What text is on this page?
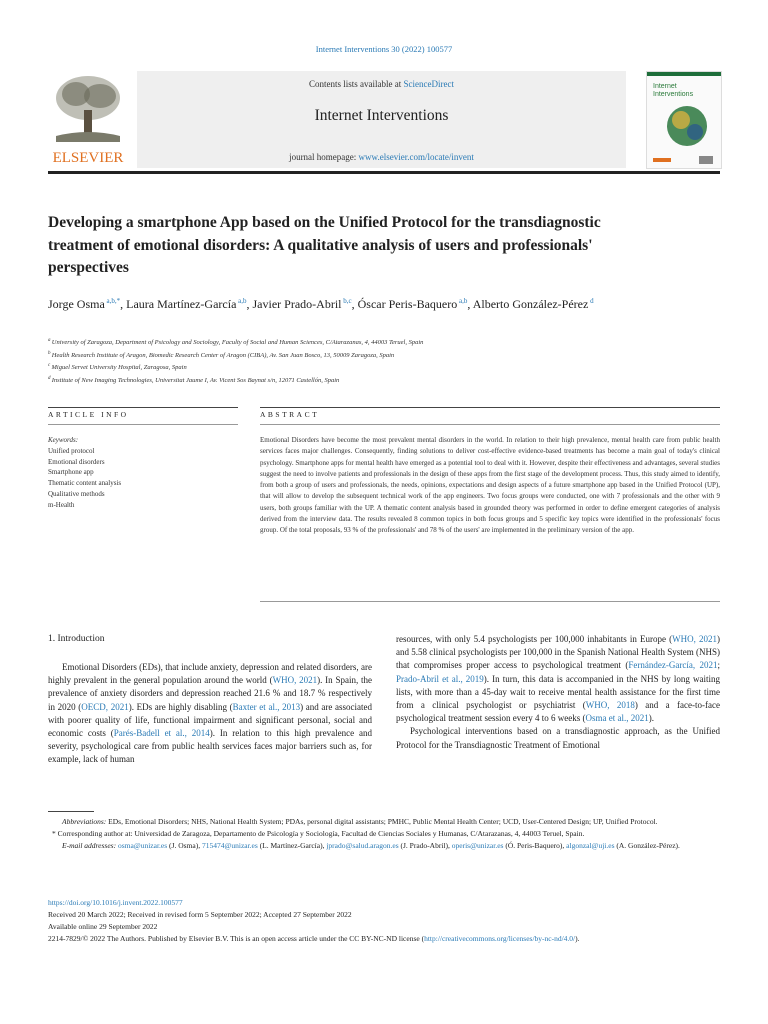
Internet Interventions 30 (2022) 100577
ELSEVIER
Contents lists available at ScienceDirect
Internet Interventions
journal homepage: www.elsevier.com/locate/invent
Internet
Interventions
Developing a smartphone App based on the Unified Protocol for the transdiagnostic treatment of emotional disorders: A qualitative analysis of users and professionals' perspectives
Jorge Osma $^{a,b,*}$, Laura Martínez-García $^{a,b}$, Javier Prado-Abril $^{b,c}$, Óscar Peris-Baquero $^{a,b}$, Alberto González-Pérez $^d$
$^a$ University of Zaragoza, Department of Psicology and Sociology, Faculty of Social and Human Sciences, C/Atarazanas, 4, 44003 Teruel, Spain
$^b$ Health Research Institute of Aragon, Biomedic Research Center of Aragon (CIBA), Av. San Juan Bosco, 13, 50009 Zaragoza, Spain
$^c$ Miguel Servet University Hospital, Zaragosa, Spain
$^d$ Institute of New Imaging Technologies, Universitat Jaume I, Av. Vicent Sos Baynat s/n, 12071 Castellón, Spain
ARTICLE INFO
Keywords:
Unified protocol
Emotional disorders
Smartphone app
Thematic content analysis
Qualitative methods
m-Health
ABSTRACT
Emotional Disorders have become the most prevalent mental disorders in the world. In relation to their high prevalence, mental health care from public health services faces major challenges. Consequently, finding solutions to deliver cost-effective evidence-based treatments has become a main goal of today's clinical psychology. Smartphone apps for mental health have emerged as a potential tool to deal with it. However, despite their effectiveness and advantages, several studies suggest the need to involve patients and professionals in the design of these apps from the first stage of the development process. Thus, this study aimed to identify, from both a group of users and professionals, the needs, opinions, expectations and design aspects of a future smartphone app based in the Unified Protocol (UP), that will allow to develop the subsequent technical work of the app engineers. Two focus groups were conducted, one with 7 professionals and the other with 9 users, both groups familiar with the UP. A thematic content analysis based in grounded theory was performed in order to define emergent categories of analysis derived from the interview data. The results revealed 8 common topics in both focus groups and 5 specific key topics were identified in the professionals' focus group. Of the total proposals, 93 % of the professionals' and 78 % of the users' are implemented in the preliminary version of the app.
1. Introduction

Emotional Disorders (EDs), that include anxiety, depression and related disorders, are highly prevalent in the general population around the world (WHO, 2021). In Spain, the prevalence of anxiety disorders and depression reached 21.6 % and 18.7 % respectively in 2020 (OECD, 2021). EDs are highly disabling (Baxter et al., 2013) and are associated with poorer quality of life, functional impairment and significant personal, social and economic costs (Parés-Badell et al., 2014). In relation to this high prevalence and severity, psychological care from public health services faces major barriers such as, for example, lack of human

resources, with only 5.4 psychologists per 100,000 inhabitants in Europe (WHO, 2021) and 5.58 clinical psychologists per 100,000 in the Spanish National Health System (NHS) that compromises proper access to psychological treatment (Fernández-García, 2021; Prado-Abril et al., 2019). In turn, this data is accompanied in the NHS by long waiting lists, with more than a 45-day wait to receive mental health assistance for the first time from a clinical psychologist or psychiatrist (WHO, 2018) and a face-to-face psychological treatment session every 4 to 6 weeks (Osma et al., 2021).

Psychological interventions based on a transdiagnostic approach, as the Unified Protocol for the Transdiagnostic Treatment of Emotional

Abbreviations: EDs, Emotional Disorders; NHS, National Health System; PDAs, personal digital assistants; PMHC, Public Mental Health Center; UCD, User-Centered Design; UP, Unified Protocol.

* Corresponding author at: Universidad de Zaragoza, Departamento de Psicología y Sociología, Facultad de Ciencias Sociales y Humanas, C/Atarazanas, 4, 44003 Teruel, Spain.

E-mail addresses: osma@unizar.es (J. Osma), 715474@unizar.es (L. Martínez-García), jprado@salud.aragon.es (J. Prado-Abril), operis@unizar.es (Ó. Peris-Baquero), algonzal@uji.es (A. González-Pérez).

https://doi.org/10.1016/j.invent.2022.100577

Received 20 March 2022; Received in revised form 5 September 2022; Accepted 27 September 2022

Available online 29 September 2022

2214-7829/© 2022 The Authors. Published by Elsevier B.V. This is an open access article under the CC BY-NC-ND license (http://creativecommons.org/licenses/by-nc-nd/4.0/).
